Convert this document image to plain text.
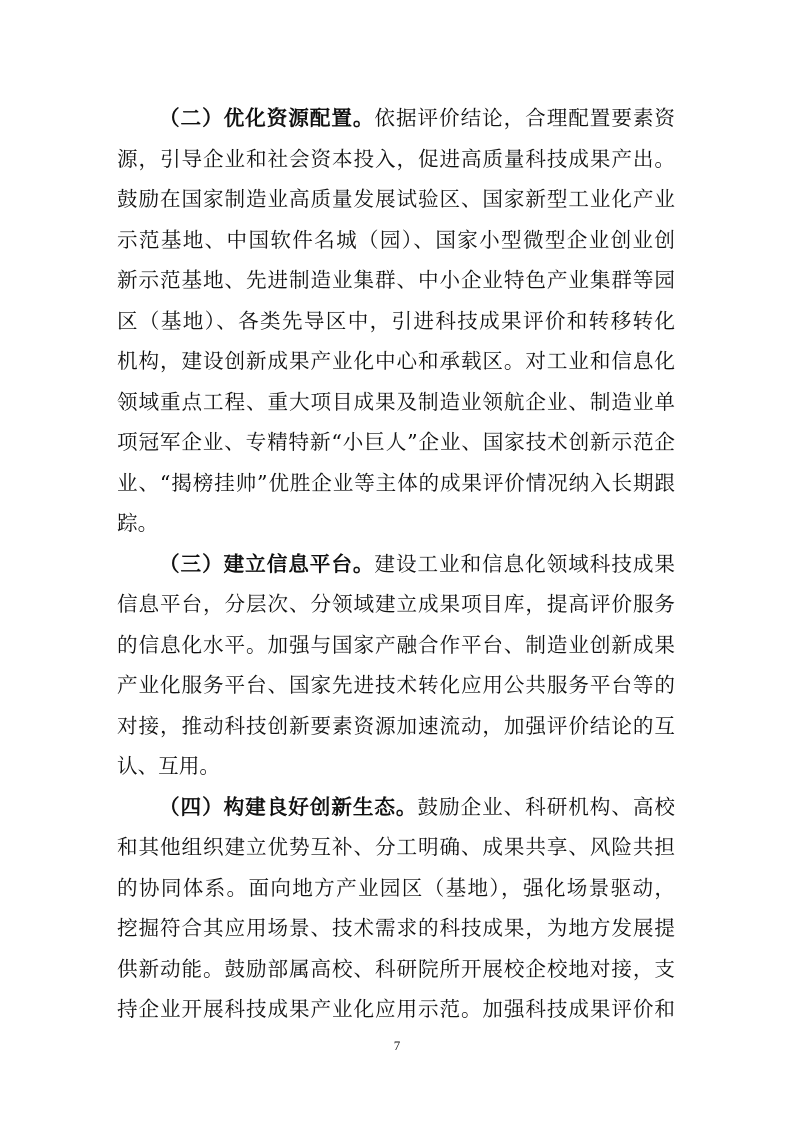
（二）优化资源配置。依据评价结论，合理配置要素资
源，引导企业和社会资本投入，促进高质量科技成果产出。
鼓励在国家制造业高质量发展试验区、国家新型工业化产业
示范基地、中国软件名城（园）、国家小型微型企业创业创
新示范基地、先进制造业集群、中小企业特色产业集群等园
区（基地）、各类先导区中，引进科技成果评价和转移转化
机构，建设创新成果产业化中心和承载区。对工业和信息化
领域重点工程、重大项目成果及制造业领航企业、制造业单
项冠军企业、专精特新“小巨人”企业、国家技术创新示范企
业、“揭榜挂帅”优胜企业等主体的成果评价情况纳入长期跟
踪。
（三）建立信息平台。建设工业和信息化领域科技成果
信息平台，分层次、分领域建立成果项目库，提高评价服务
的信息化水平。加强与国家产融合作平台、制造业创新成果
产业化服务平台、国家先进技术转化应用公共服务平台等的
对接，推动科技创新要素资源加速流动，加强评价结论的互
认、互用。
（四）构建良好创新生态。鼓励企业、科研机构、高校
和其他组织建立优势互补、分工明确、成果共享、风险共担
的协同体系。面向地方产业园区（基地），强化场景驱动，
挖掘符合其应用场景、技术需求的科技成果，为地方发展提
供新动能。鼓励部属高校、科研院所开展校企校地对接，支
持企业开展科技成果产业化应用示范。加强科技成果评价和
7
